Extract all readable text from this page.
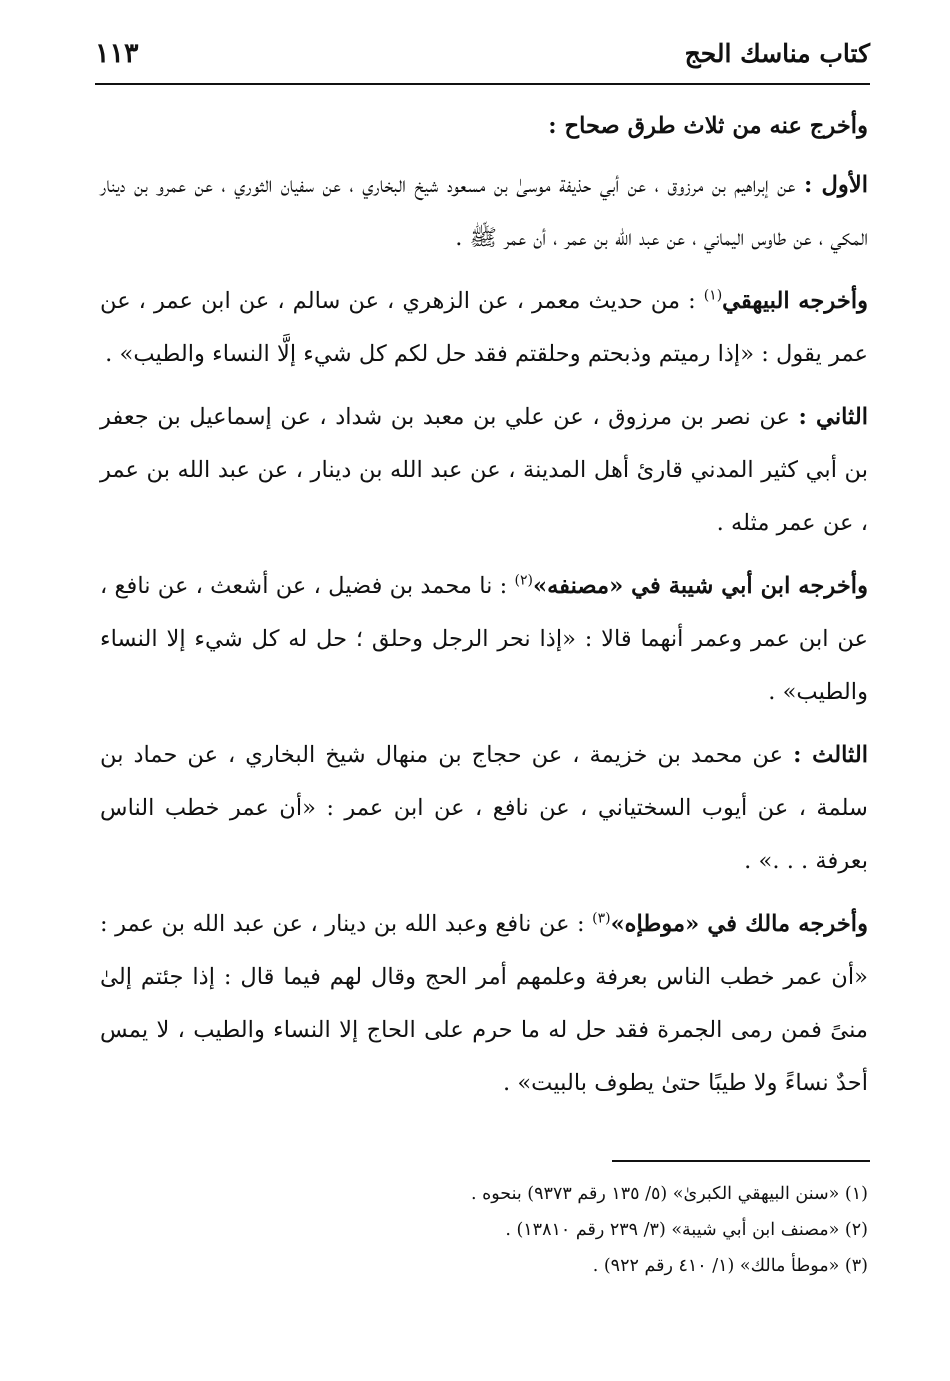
كتاب مناسك الحج
١١٣

وأخرج عنه من ثلاث طرق صحاح :

الأول : عن إبراهيم بن مرزوق ، عن أبي حذيفة موسىٰ بن مسعود شيخ البخاري ، عن سفيان الثوري ، عن عمرو بن دينار المكي ، عن طاوس اليماني ، عن عبد الله بن عمر ، أن عمر ﷺ .

وأخرجه البيهقي$^{(١)}$ : من حديث معمر ، عن الزهري ، عن سالم ، عن ابن عمر ، عن عمر يقول : «إذا رميتم وذبحتم وحلقتم فقد حل لكم كل شيء إلَّا النساء والطيب» .

الثاني : عن نصر بن مرزوق ، عن علي بن معبد بن شداد ، عن إسماعيل بن جعفر بن أبي كثير المدني قارئ أهل المدينة ، عن عبد الله بن دينار ، عن عبد الله بن عمر ، عن عمر مثله .

وأخرجه ابن أبي شيبة في «مصنفه»$^{(٢)}$ : نا محمد بن فضيل ، عن أشعث ، عن نافع ، عن ابن عمر وعمر أنهما قالا : «إذا نحر الرجل وحلق ؛ حل له كل شيء إلا النساء والطيب» .

الثالث : عن محمد بن خزيمة ، عن حجاج بن منهال شيخ البخاري ، عن حماد بن سلمة ، عن أيوب السختياني ، عن نافع ، عن ابن عمر : «أن عمر خطب الناس بعرفة . . .» .

وأخرجه مالك في «موطإه»$^{(٣)}$ : عن نافع وعبد الله بن دينار ، عن عبد الله بن عمر : «أن عمر خطب الناس بعرفة وعلمهم أمر الحج وقال لهم فيما قال : إذا جئتم إلىٰ منىً فمن رمى الجمرة فقد حل له ما حرم على الحاج إلا النساء والطيب ، لا يمس أحدٌ نساءً ولا طيبًا حتىٰ يطوف بالبيت» .

(١) «سنن البيهقي الكبرىٰ» (٥/ ١٣٥ رقم ٩٣٧٣) بنحوه .
(٢) «مصنف ابن أبي شيبة» (٣/ ٢٣٩ رقم ١٣٨١٠) .
(٣) «موطأ مالك» (١/ ٤١٠ رقم ٩٢٢) .
